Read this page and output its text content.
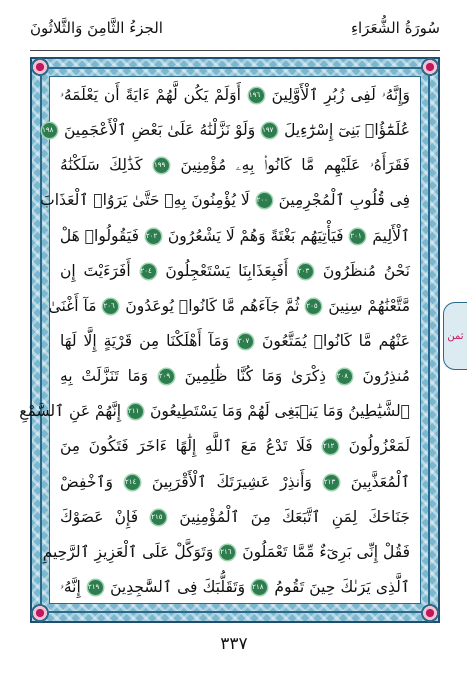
الجزءُ الثَّامِنَ وَالثَّلاثُونَ	سُورَةُ الشُّعَرَاءِ
وَإِنَّهُۥ لَفِى زُبُرِ ٱلْأَوَّلِينَ ١٩٦ أَوَلَمْ يَكُن لَّهُمْ ءَايَةً أَن يَعْلَمَهُۥ
عُلَمَٰٓؤُا۟ بَنِىٓ إِسْرَٰٓءِيلَ ١٩٧ وَلَوْ نَزَّلْنَٰهُ عَلَىٰ بَعْضِ ٱلْأَعْجَمِينَ ١٩٨
فَقَرَأَهُۥ عَلَيْهِم مَّا كَانُوا۟ بِهِۦ مُؤْمِنِينَ ١٩٩ كَذَٰلِكَ سَلَكْنَٰهُ
فِى قُلُوبِ ٱلْمُجْرِمِينَ ٢٠٠ لَا يُؤْمِنُونَ بِهِۦ حَتَّىٰ يَرَوُا۟ ٱلْعَذَابَ
ٱلْأَلِيمَ ٢٠١ فَيَأْتِيَهُم بَغْتَةً وَهُمْ لَا يَشْعُرُونَ ٢٠٢ فَيَقُولُوا۟ هَلْ
نَحْنُ مُنظَرُونَ ٢٠٣ أَفَبِعَذَابِنَا يَسْتَعْجِلُونَ ٢٠٤ أَفَرَءَيْتَ إِن
مَّتَّعْنَٰهُمْ سِنِينَ ٢٠٥ ثُمَّ جَآءَهُم مَّا كَانُوا۟ يُوعَدُونَ ٢٠٦ مَآ أَغْنَىٰ
عَنْهُم مَّا كَانُوا۟ يُمَتَّعُونَ ٢٠٧ وَمَآ أَهْلَكْنَا مِن قَرْيَةٍ إِلَّا لَهَا
مُنذِرُونَ ٢٠٨ ذِكْرَىٰ وَمَا كُنَّا ظَٰلِمِينَ ٢٠٩ وَمَا تَنَزَّلَتْ بِهِ
ٱلشَّيَٰطِينُ وَمَا يَنۢبَغِى لَهُمْ وَمَا يَسْتَطِيعُونَ ٢١١ إِنَّهُمْ عَنِ ٱلسَّمْعِ
لَمَعْزُولُونَ ٢١٢ فَلَا تَدْعُ مَعَ ٱللَّهِ إِلَٰهًا ءَاخَرَ فَتَكُونَ مِنَ
ٱلْمُعَذَّبِينَ ٢١٣ وَأَنذِرْ عَشِيرَتَكَ ٱلْأَقْرَبِينَ ٢١٤ وَٱخْفِضْ
جَنَاحَكَ لِمَنِ ٱتَّبَعَكَ مِنَ ٱلْمُؤْمِنِينَ ٢١٥ فَإِنْ عَصَوْكَ
فَقُلْ إِنِّى بَرِىٓءٌ مِّمَّا تَعْمَلُونَ ٢١٦ وَتَوَكَّلْ عَلَى ٱلْعَزِيزِ ٱلرَّحِيمِ
ٱلَّذِى يَرَىٰكَ حِينَ تَقُومُ ٢١٨ وَتَقَلُّبَكَ فِى ٱلسَّٰجِدِينَ ٢١٩ إِنَّهُۥ
ثمن
٣٣٧
